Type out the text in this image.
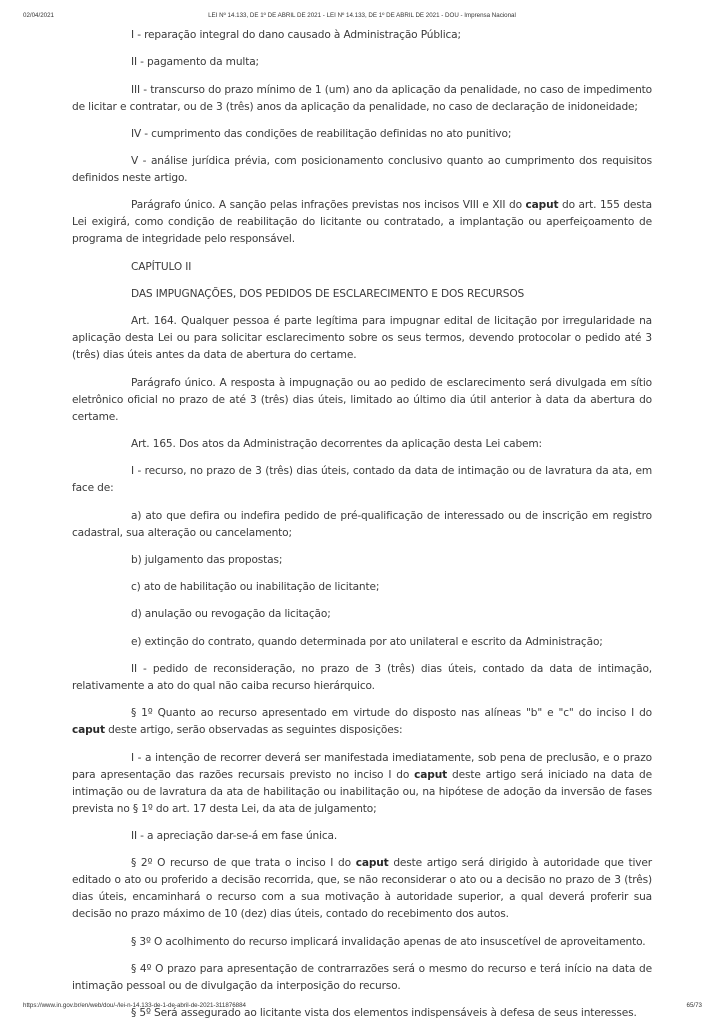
02/04/2021	LEI Nº 14.133, DE 1º DE ABRIL DE 2021 - LEI Nº 14.133, DE 1º DE ABRIL DE 2021 - DOU - Imprensa Nacional

I - reparação integral do dano causado à Administração Pública;

II - pagamento da multa;

III - transcurso do prazo mínimo de 1 (um) ano da aplicação da penalidade, no caso de impedimento de licitar e contratar, ou de 3 (três) anos da aplicação da penalidade, no caso de declaração de inidoneidade;

IV - cumprimento das condições de reabilitação definidas no ato punitivo;

V - análise jurídica prévia, com posicionamento conclusivo quanto ao cumprimento dos requisitos definidos neste artigo.

Parágrafo único. A sanção pelas infrações previstas nos incisos VIII e XII do caput do art. 155 desta Lei exigirá, como condição de reabilitação do licitante ou contratado, a implantação ou aperfeiçoamento de programa de integridade pelo responsável.

CAPÍTULO II

DAS IMPUGNAÇÕES, DOS PEDIDOS DE ESCLARECIMENTO E DOS RECURSOS

Art. 164. Qualquer pessoa é parte legítima para impugnar edital de licitação por irregularidade na aplicação desta Lei ou para solicitar esclarecimento sobre os seus termos, devendo protocolar o pedido até 3 (três) dias úteis antes da data de abertura do certame.

Parágrafo único. A resposta à impugnação ou ao pedido de esclarecimento será divulgada em sítio eletrônico oficial no prazo de até 3 (três) dias úteis, limitado ao último dia útil anterior à data da abertura do certame.

Art. 165. Dos atos da Administração decorrentes da aplicação desta Lei cabem:

I - recurso, no prazo de 3 (três) dias úteis, contado da data de intimação ou de lavratura da ata, em face de:

a) ato que defira ou indefira pedido de pré-qualificação de interessado ou de inscrição em registro cadastral, sua alteração ou cancelamento;

b) julgamento das propostas;

c) ato de habilitação ou inabilitação de licitante;

d) anulação ou revogação da licitação;

e) extinção do contrato, quando determinada por ato unilateral e escrito da Administração;

II - pedido de reconsideração, no prazo de 3 (três) dias úteis, contado da data de intimação, relativamente a ato do qual não caiba recurso hierárquico.

§ 1º Quanto ao recurso apresentado em virtude do disposto nas alíneas "b" e "c" do inciso I do caput deste artigo, serão observadas as seguintes disposições:

I - a intenção de recorrer deverá ser manifestada imediatamente, sob pena de preclusão, e o prazo para apresentação das razões recursais previsto no inciso I do caput deste artigo será iniciado na data de intimação ou de lavratura da ata de habilitação ou inabilitação ou, na hipótese de adoção da inversão de fases prevista no § 1º do art. 17 desta Lei, da ata de julgamento;

II - a apreciação dar-se-á em fase única.

§ 2º O recurso de que trata o inciso I do caput deste artigo será dirigido à autoridade que tiver editado o ato ou proferido a decisão recorrida, que, se não reconsiderar o ato ou a decisão no prazo de 3 (três) dias úteis, encaminhará o recurso com a sua motivação à autoridade superior, a qual deverá proferir sua decisão no prazo máximo de 10 (dez) dias úteis, contado do recebimento dos autos.

§ 3º O acolhimento do recurso implicará invalidação apenas de ato insuscetível de aproveitamento.

§ 4º O prazo para apresentação de contrarrazões será o mesmo do recurso e terá início na data de intimação pessoal ou de divulgação da interposição do recurso.

§ 5º Será assegurado ao licitante vista dos elementos indispensáveis à defesa de seus interesses.

https://www.in.gov.br/en/web/dou/-/lei-n-14.133-de-1-de-abril-de-2021-311876884	65/73
